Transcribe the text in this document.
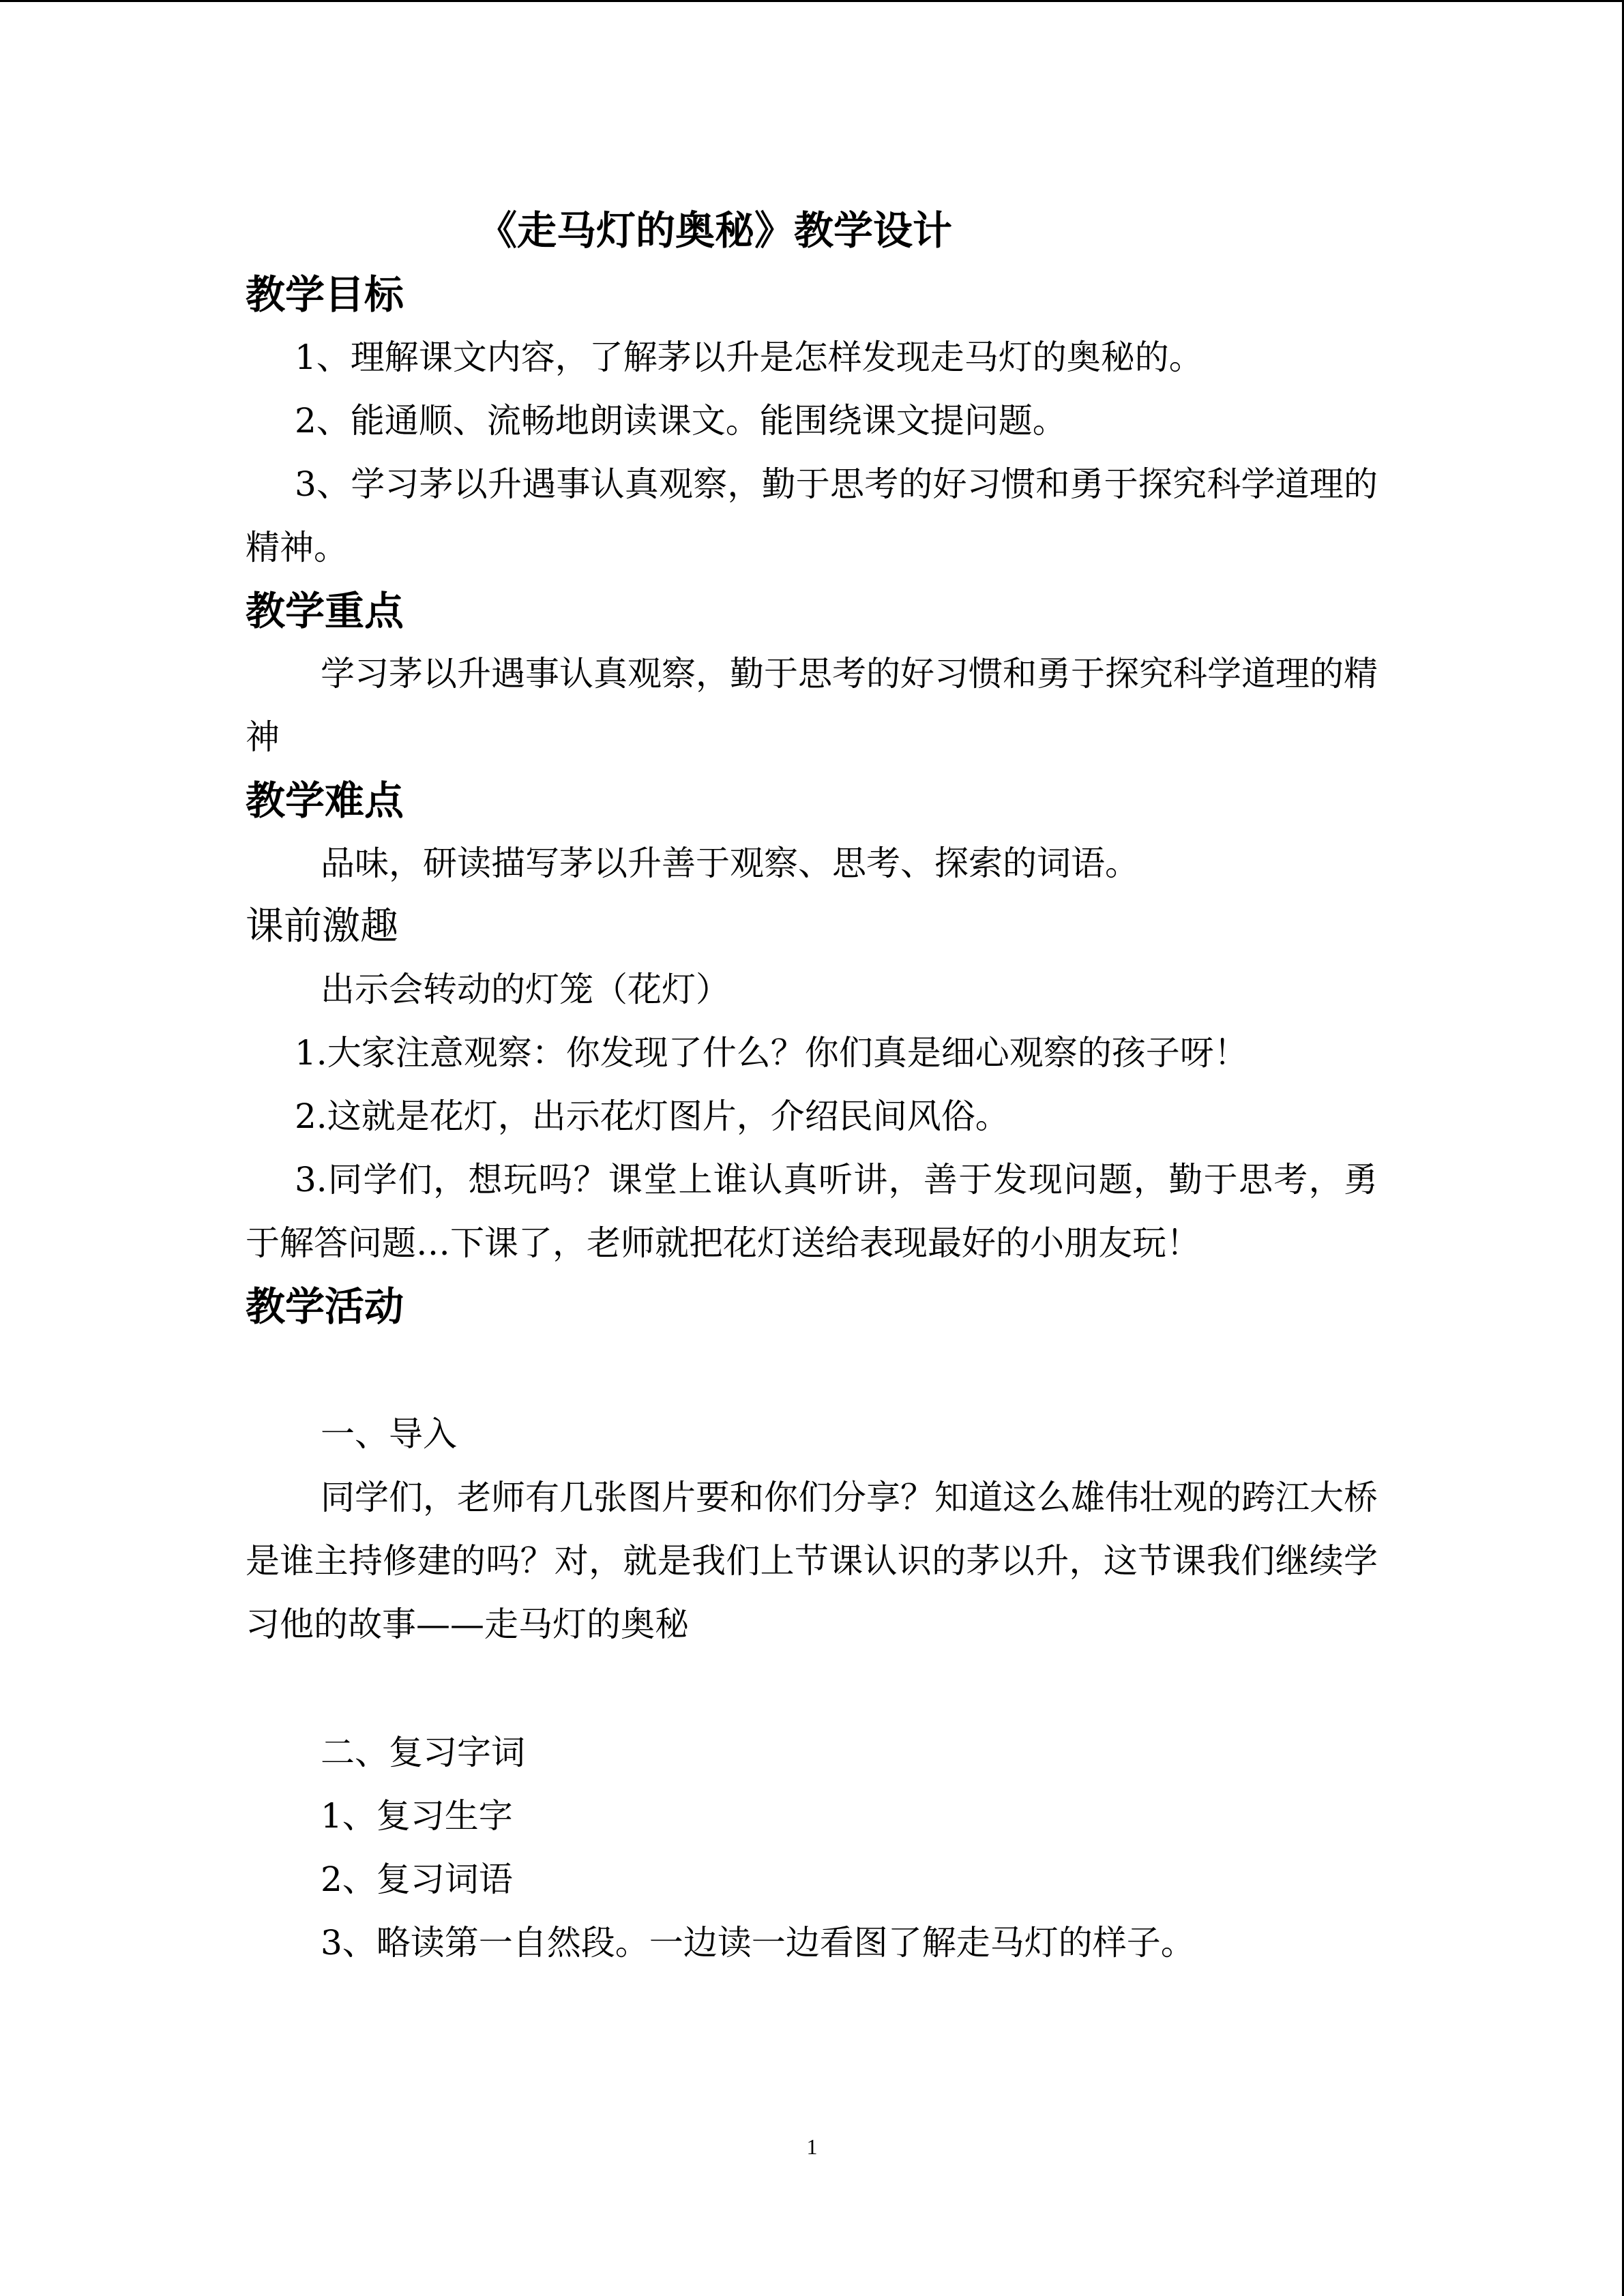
《走马灯的奥秘》教学设计
教学目标

1、理解课文内容，了解茅以升是怎样发现走马灯的奥秘的。

2、能通顺、流畅地朗读课文。能围绕课文提问题。

3、学习茅以升遇事认真观察，勤于思考的好习惯和勇于探究科学道理的精神。

教学重点

学习茅以升遇事认真观察，勤于思考的好习惯和勇于探究科学道理的精神

教学难点

品味，研读描写茅以升善于观察、思考、探索的词语。

课前激趣

出示会转动的灯笼（花灯）

1.大家注意观察：你发现了什么？你们真是细心观察的孩子呀！

2.这就是花灯，出示花灯图片，介绍民间风俗。

3.同学们，想玩吗？课堂上谁认真听讲，善于发现问题，勤于思考，勇于解答问题…下课了，老师就把花灯送给表现最好的小朋友玩！

教学活动

一、导入

同学们，老师有几张图片要和你们分享？知道这么雄伟壮观的跨江大桥是谁主持修建的吗？对，就是我们上节课认识的茅以升，这节课我们继续学习他的故事——走马灯的奥秘

二、复习字词

1、复习生字

2、复习词语

3、略读第一自然段。一边读一边看图了解走马灯的样子。

1
